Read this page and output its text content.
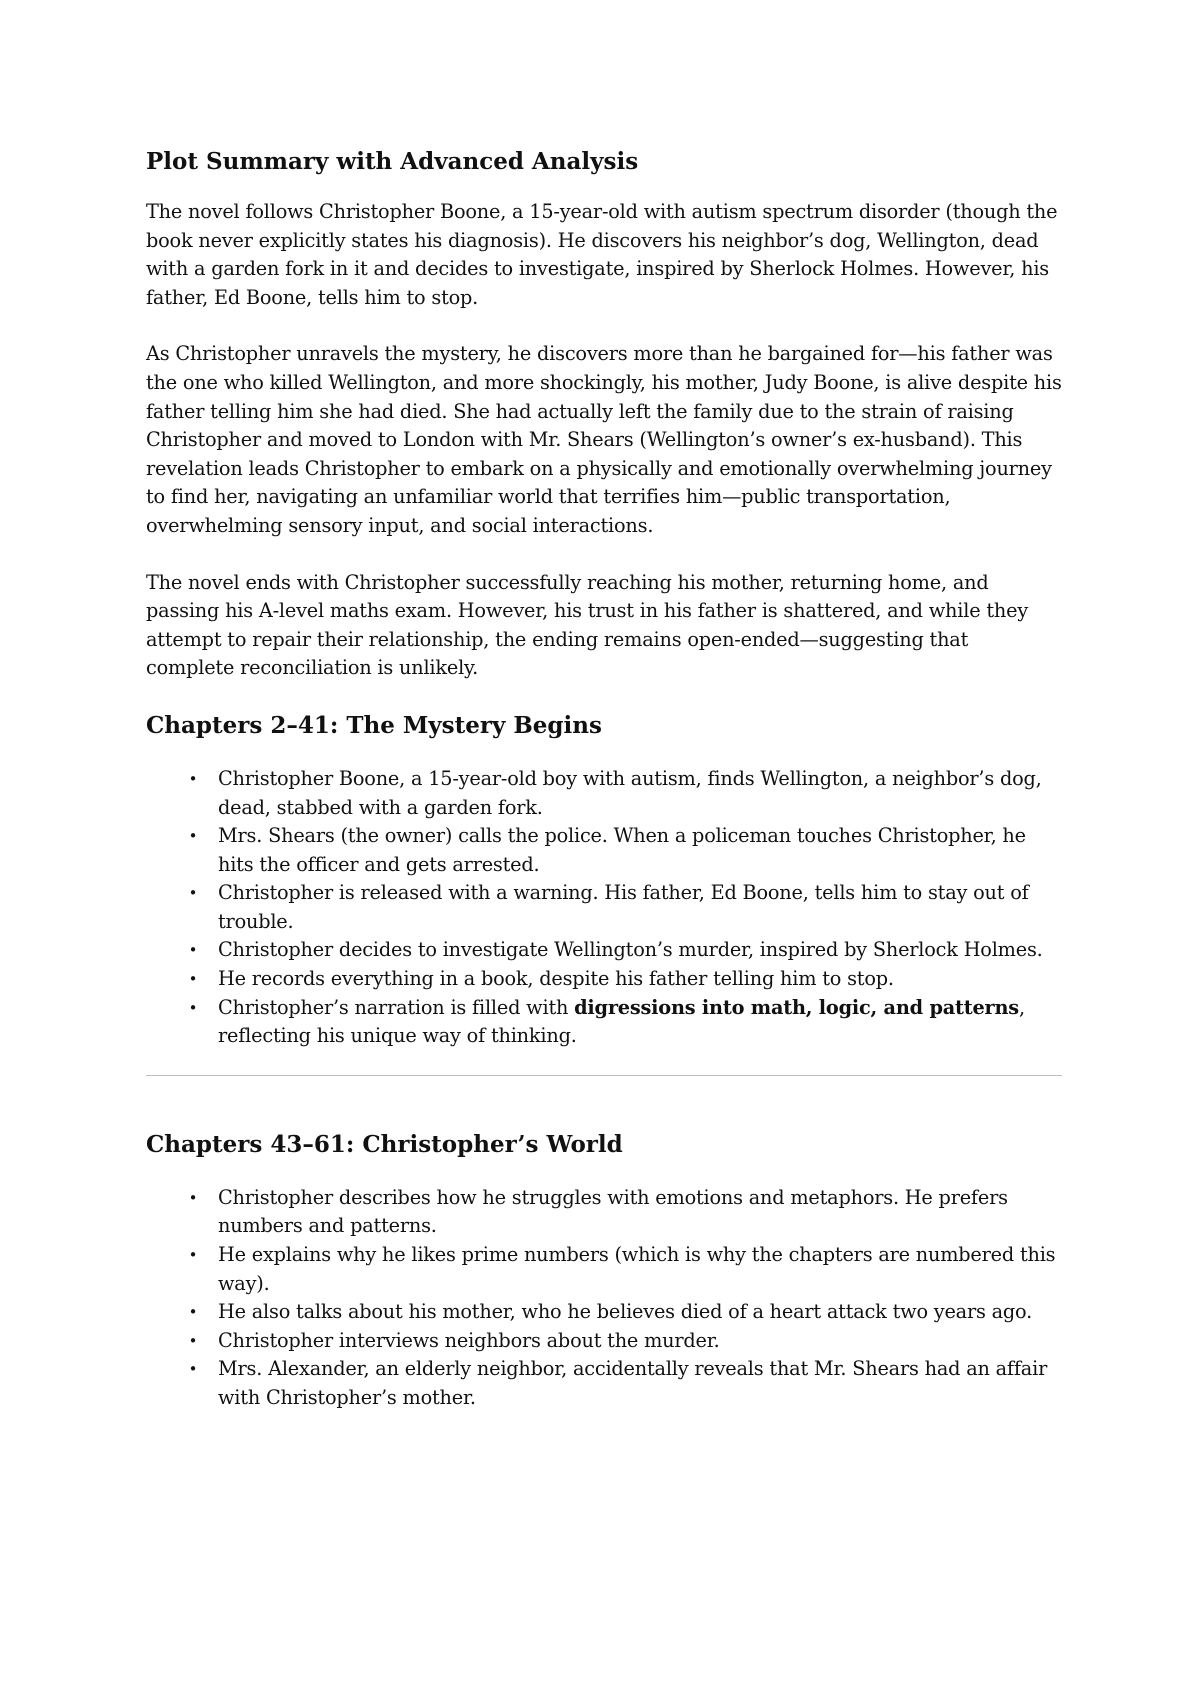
Plot Summary with Advanced Analysis

The novel follows Christopher Boone, a 15-year-old with autism spectrum disorder (though the book never explicitly states his diagnosis). He discovers his neighbor’s dog, Wellington, dead with a garden fork in it and decides to investigate, inspired by Sherlock Holmes. However, his father, Ed Boone, tells him to stop.

As Christopher unravels the mystery, he discovers more than he bargained for—his father was the one who killed Wellington, and more shockingly, his mother, Judy Boone, is alive despite his father telling him she had died. She had actually left the family due to the strain of raising Christopher and moved to London with Mr. Shears (Wellington’s owner’s ex-husband). This revelation leads Christopher to embark on a physically and emotionally overwhelming journey to find her, navigating an unfamiliar world that terrifies him—public transportation, overwhelming sensory input, and social interactions.

The novel ends with Christopher successfully reaching his mother, returning home, and passing his A-level maths exam. However, his trust in his father is shattered, and while they attempt to repair their relationship, the ending remains open-ended—suggesting that complete reconciliation is unlikely.

Chapters 2–41: The Mystery Begins
• Christopher Boone, a 15-year-old boy with autism, finds Wellington, a neighbor’s dog, dead, stabbed with a garden fork.
• Mrs. Shears (the owner) calls the police. When a policeman touches Christopher, he hits the officer and gets arrested.
• Christopher is released with a warning. His father, Ed Boone, tells him to stay out of trouble.
• Christopher decides to investigate Wellington’s murder, inspired by Sherlock Holmes.
• He records everything in a book, despite his father telling him to stop.
• Christopher’s narration is filled with digressions into math, logic, and patterns, reflecting his unique way of thinking.
Chapters 43–61: Christopher’s World
• Christopher describes how he struggles with emotions and metaphors. He prefers numbers and patterns.
• He explains why he likes prime numbers (which is why the chapters are numbered this way).
• He also talks about his mother, who he believes died of a heart attack two years ago.
• Christopher interviews neighbors about the murder.
• Mrs. Alexander, an elderly neighbor, accidentally reveals that Mr. Shears had an affair with Christopher’s mother.
